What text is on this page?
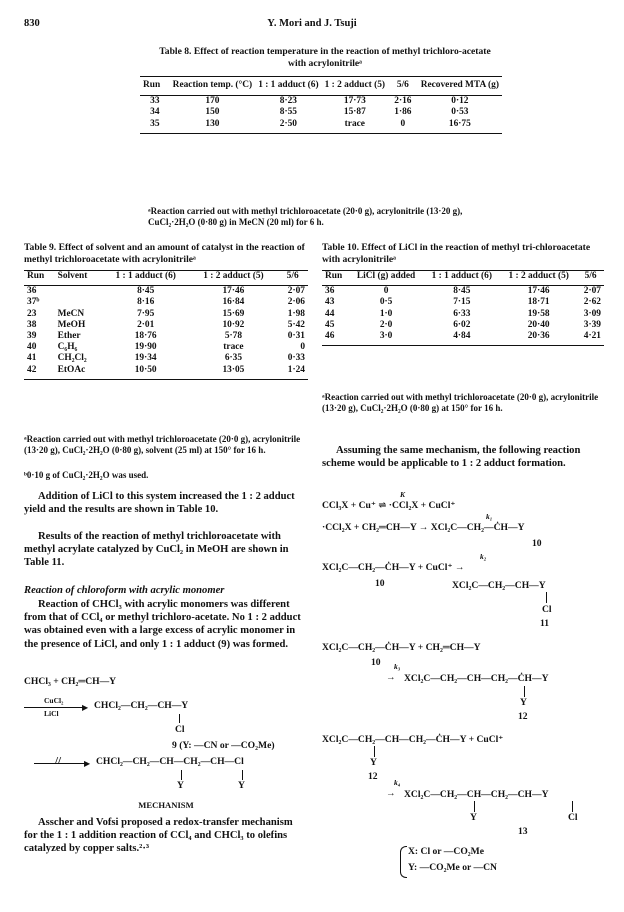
830	Y. Mori and J. Tsuji
Table 8. Effect of reaction temperature in the reaction of methyl trichloro-acetate with acrylonitrileᵃ
Run	Reaction temp. (°C)	1 : 1 adduct (6)	1 : 2 adduct (5)	5/6	Recovered MTA (g)

33	170	8·23	17·73	2·16	0·12
34	150	8·55	15·87	1·86	0·53
35	130	2·50	trace	0	16·75

ᵃReaction carried out with methyl trichloroacetate (20·0 g), acrylonitrile (13·20 g), CuCl₂·2H₂O (0·80 g) in MeCN (20 ml) for 6 h.
Table 9. Effect of solvent and an amount of catalyst in the reaction of methyl trichloroacetate with acrylonitrileᵃ
Run	Solvent	1 : 1 adduct (6)	1 : 2 adduct (5)	5/6

36		8·45	17·46	2·07
37ᵇ		8·16	16·84	2·06
23	MeCN	7·95	15·69	1·98
38	MeOH	2·01	10·92	5·42
39	Ether	18·76	5·78	0·31
40	C₆H₆	19·90	trace	0
41	CH₂Cl₂	19·34	6·35	0·33
42	EtOAc	10·50	13·05	1·24

ᵃReaction carried out with methyl trichloroacetate (20·0 g), acrylonitrile (13·20 g), CuCl₂·2H₂O (0·80 g), solvent (25 ml) at 150° for 16 h.
ᵇ0·10 g of CuCl₂·2H₂O was used.
Table 10. Effect of LiCl in the reaction of methyl tri-chloroacetate with acrylonitrileᵃ
Run	LiCl (g) added	1 : 1 adduct (6)	1 : 2 adduct (5)	5/6

36	0	8·45	17·46	2·07
43	0·5	7·15	18·71	2·62
44	1·0	6·33	19·58	3·09
45	2·0	6·02	20·40	3·39
46	3·0	4·84	20·36	4·21

ᵃReaction carried out with methyl trichloroacetate (20·0 g), acrylonitrile (13·20 g), CuCl₂·2H₂O (0·80 g) at 150° for 16 h.
Addition of LiCl to this system increased the 1 : 2 adduct yield and the results are shown in Table 10.
Results of the reaction of methyl trichloroacetate with methyl acrylate catalyzed by CuCl₂ in MeOH are shown in Table 11.
Reaction of chloroform with acrylic monomer
Reaction of CHCl₃ with acrylic monomers was different from that of CCl₄ or methyl trichloro-acetate. No 1 : 2 adduct was obtained even with a large excess of acrylic monomer in the presence of LiCl, and only 1 : 1 adduct (9) was formed.
CHCl₃ + CH₂═CH—Y
CuCl₂
▶
LiCl
CHCl₂—CH₂—CH—Y
Cl
9 (Y: —CN or —CO₂Me)
//	▶ CHCl₂—CH₂—CH—CH₂—CH—Cl
Y	Y
MECHANISM
Asscher and Vofsi proposed a redox-transfer mechanism for the 1 : 1 addition reaction of CCl₄ and CHCl₃ to olefins catalyzed by copper salts.²·³
Assuming the same mechanism, the following reaction scheme would be applicable to 1 : 2 adduct formation.
CCl₃X + Cu⁺ ⇌ ·CCl₂X + CuCl⁺
K
·CCl₂X + CH₂═CH—Y → XCl₂C—CH₂—ĊH—Y
k₁
10
XCl₂C—CH₂—ĊH—Y + CuCl⁺ →
k₂
10	XCl₂C—CH₂—CH—Y
Cl
11
XCl₂C—CH₂—ĊH—Y + CH₂═CH—Y
10 k₃
→ XCl₂C—CH₂—CH—CH₂—ĊH—Y
Y
12
XCl₂C—CH₂—CH—CH₂—ĊH—Y + CuCl⁺
Y
12
k₄
→ XCl₂C—CH₂—CH—CH₂—CH—Y
Y	Cl
13
X: Cl or —CO₂Me
Y: —CO₂Me or —CN
